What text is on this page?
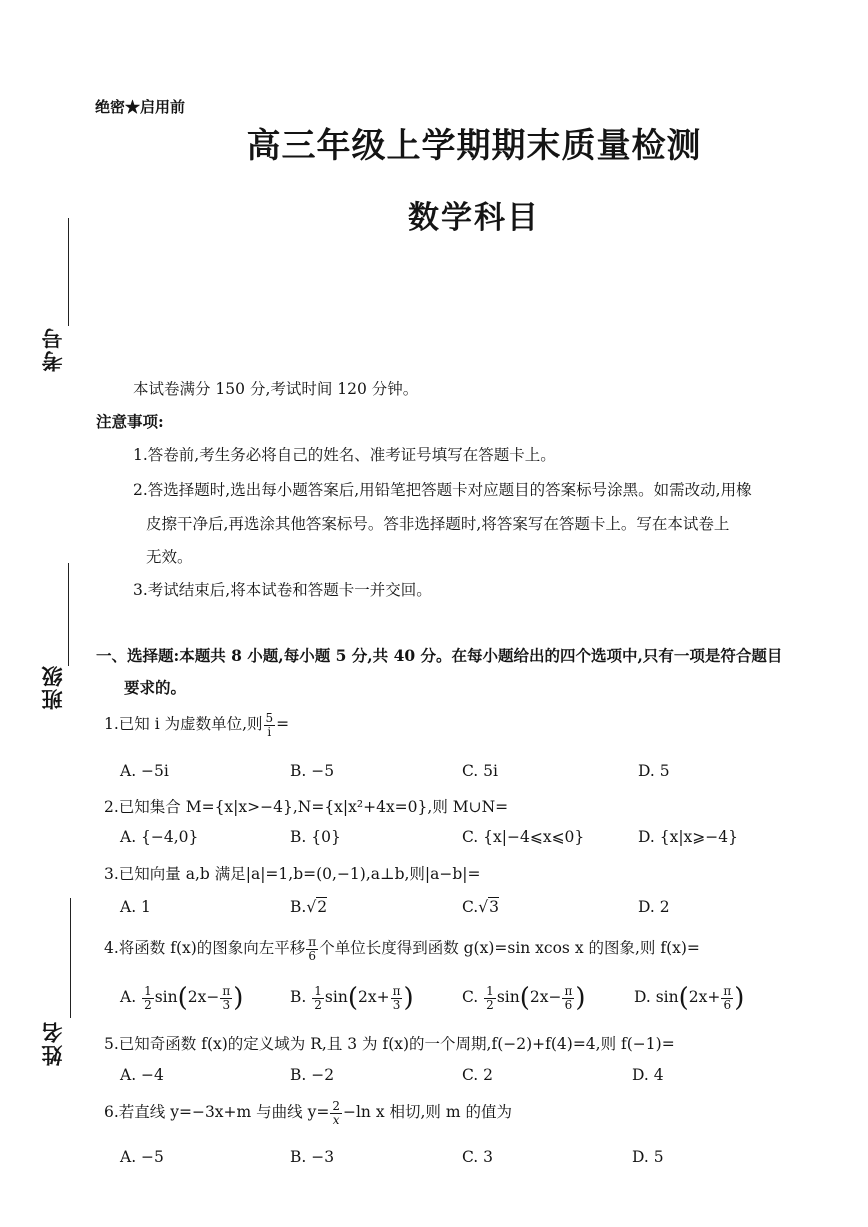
绝密★启用前
高三年级上学期期末质量检测
数学科目
考号
班级
姓名
本试卷满分 150 分,考试时间 120 分钟。
注意事项:
1.答卷前,考生务必将自己的姓名、准考证号填写在答题卡上。
2.答选择题时,选出每小题答案后,用铅笔把答题卡对应题目的答案标号涂黑。如需改动,用橡
皮擦干净后,再选涂其他答案标号。答非选择题时,将答案写在答题卡上。写在本试卷上
无效。
3.考试结束后,将本试卷和答题卡一并交回。
一、选择题:本题共 8 小题,每小题 5 分,共 40 分。在每小题给出的四个选项中,只有一项是符合题目
要求的。
1.已知 i 为虚数单位,则 $\frac{5}{i}$ =
A. −5i	B. −5	C. 5i	D. 5
2.已知集合 M={x|x>−4},N={x|x²+4x=0},则 M∪N=
A. {−4,0}	B. {0}	C. {x|−4⩽x⩽0}	D. {x|x⩾−4}
3.已知向量 a,b 满足|a|=1,b=(0,−1),a⊥b,则|a−b|=
A. 1	B.√2	C.√3	D. 2
4.将函数 f(x)的图象向左平移 $\frac{\pi}{6}$ 个单位长度得到函数 g(x)=sin xcos x 的图象,则 f(x)=
A. $\frac{1}{2} \sin(2x- \frac{\pi}{3}$ )	B. $\frac{1}{2} \sin(2x+ \frac{\pi}{3}$ )	C. $\frac{1}{2} \sin(2x- \frac{\pi}{6}$ )	D. $\sin(2x+ \frac{\pi}{6}$ )
5.已知奇函数 f(x)的定义域为 R,且 3 为 f(x)的一个周期,f(−2)+f(4)=4,则 f(−1)=
A. −4	B. −2	C. 2	D. 4
6.若直线 y=−3x+m 与曲线 $y= \frac{2}{x} -\ln$ x 相切,则 m 的值为
A. −5	B. −3	C. 3	D. 5
